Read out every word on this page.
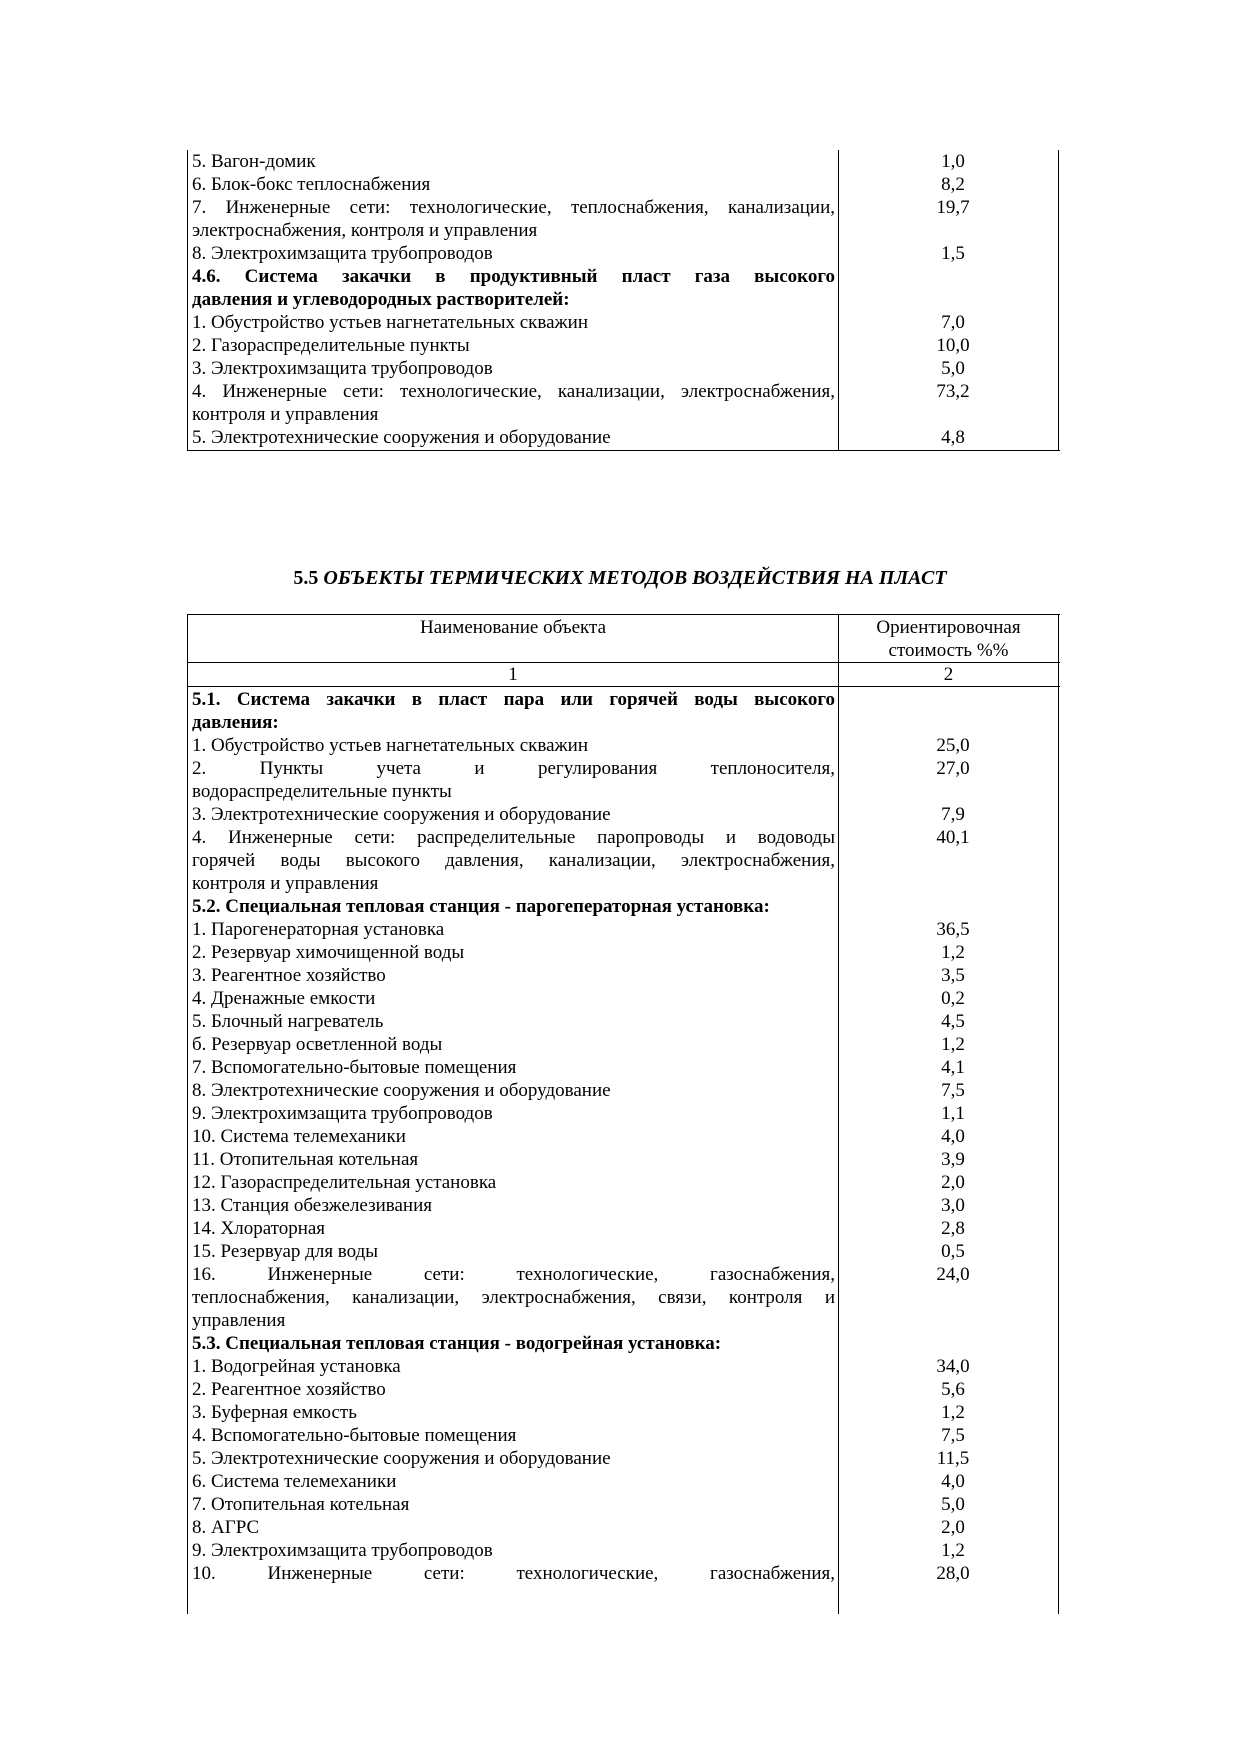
5. Вагон-домик	1,0
6. Блок-бокс теплоснабжения	8,2
7. Инженерные сети: технологические, теплоснабжения, канализации,	19,7
электроснабжения, контроля и управления
8. Электрохимзащита трубопроводов	1,5
4.6. Система закачки в продуктивный пласт газа высокого
давления и углеводородных растворителей:
1. Обустройство устьев нагнетательных скважин	7,0
2. Газораспределительные пункты	10,0
3. Электрохимзащита трубопроводов	5,0
4. Инженерные сети: технологические, канализации, электроснабжения,	73,2
контроля и управления
5. Электротехнические сооружения и оборудование	4,8
5.5 ОБЪЕКТЫ ТЕРМИЧЕСКИХ МЕТОДОВ ВОЗДЕЙСТВИЯ НА ПЛАСТ
Наименование объекта	Ориентировочная
стоимость %%
1	2
5.1. Система закачки в пласт пара или горячей воды высокого
давления:
1. Обустройство устьев нагнетательных скважин	25,0
2. Пункты учета и регулирования теплоносителя,	27,0
водораспределительные пункты
3. Электротехнические сооружения и оборудование	7,9
4. Инженерные сети: распределительные паропроводы и водоводы	40,1
горячей воды высокого давления, канализации, электроснабжения,
контроля и управления
5.2. Специальная тепловая станция - парогеператорная установка:
1. Парогенераторная установка	36,5
2. Резервуар химочищенной воды	1,2
3. Реагентное хозяйство	3,5
4. Дренажные емкости	0,2
5. Блочный нагреватель	4,5
б. Резервуар осветленной воды	1,2
7. Вспомогательно-бытовые помещения	4,1
8. Электротехнические сооружения и оборудование	7,5
9. Электрохимзащита трубопроводов	1,1
10. Система телемеханики	4,0
11. Отопительная котельная	3,9
12. Газораспределительная установка	2,0
13. Станция обезжелезивания	3,0
14. Хлораторная	2,8
15. Резервуар для воды	0,5
16. Инженерные сети: технологические, газоснабжения,	24,0
теплоснабжения, канализации, электроснабжения, связи, контроля и
управления
5.3. Специальная тепловая станция - водогрейная установка:
1. Водогрейная установка	34,0
2. Реагентное хозяйство	5,6
3. Буферная емкость	1,2
4. Вспомогательно-бытовые помещения	7,5
5. Электротехнические сооружения и оборудование	11,5
6. Система телемеханики	4,0
7. Отопительная котельная	5,0
8. АГРС	2,0
9. Электрохимзащита трубопроводов	1,2
10. Инженерные сети: технологические, газоснабжения,	28,0
